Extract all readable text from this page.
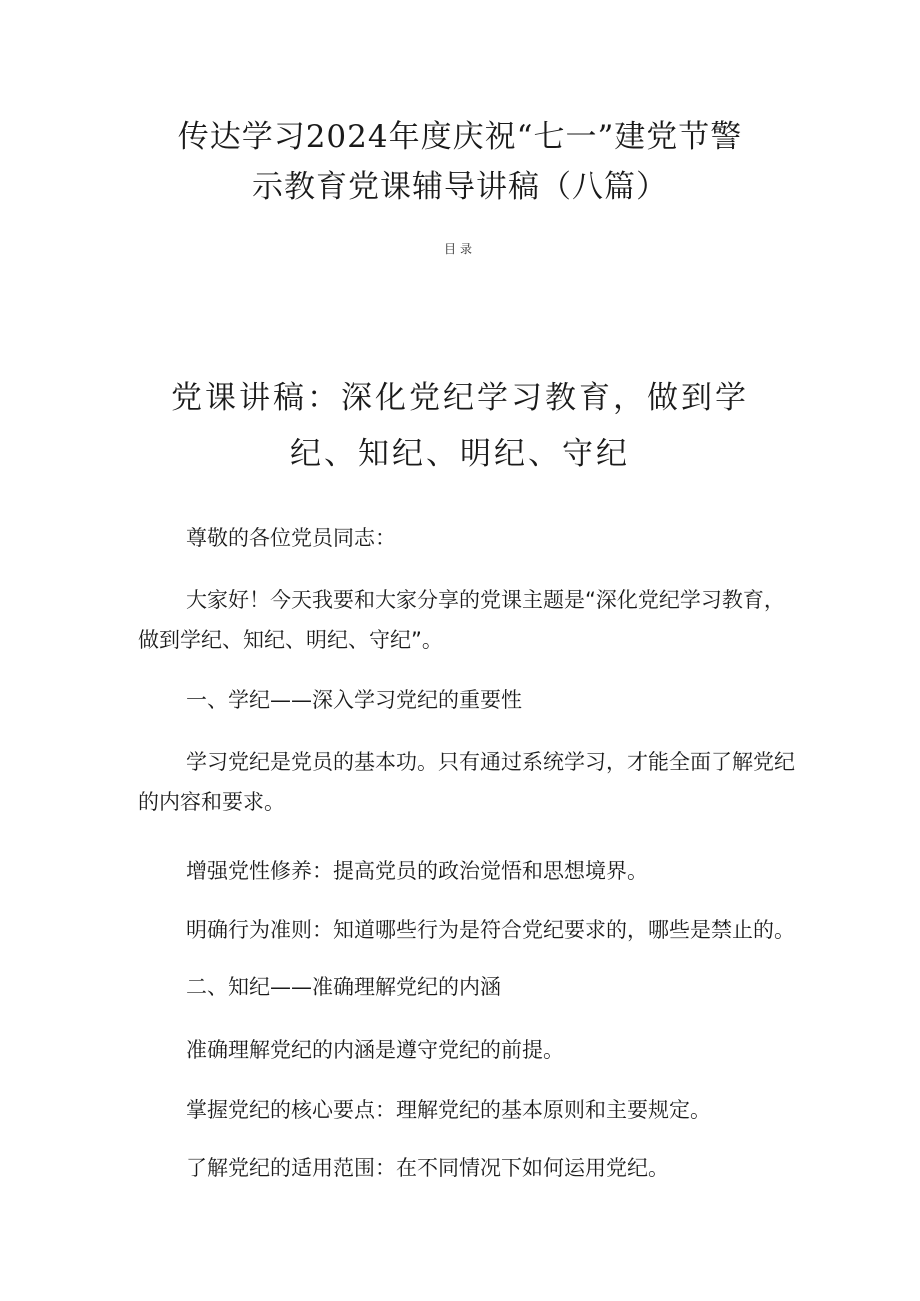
传达学习2024年度庆祝“七一”建党节警
示教育党课辅导讲稿（八篇）
目录
党课讲稿：深化党纪学习教育，做到学
纪、知纪、明纪、守纪

尊敬的各位党员同志：

大家好！今天我要和大家分享的党课主题是“深化党纪学习教育，做到学纪、知纪、明纪、守纪”。

一、学纪——深入学习党纪的重要性

学习党纪是党员的基本功。只有通过系统学习，才能全面了解党纪的内容和要求。

增强党性修养：提高党员的政治觉悟和思想境界。

明确行为准则：知道哪些行为是符合党纪要求的，哪些是禁止的。

二、知纪——准确理解党纪的内涵

准确理解党纪的内涵是遵守党纪的前提。

掌握党纪的核心要点：理解党纪的基本原则和主要规定。

了解党纪的适用范围：在不同情况下如何运用党纪。
